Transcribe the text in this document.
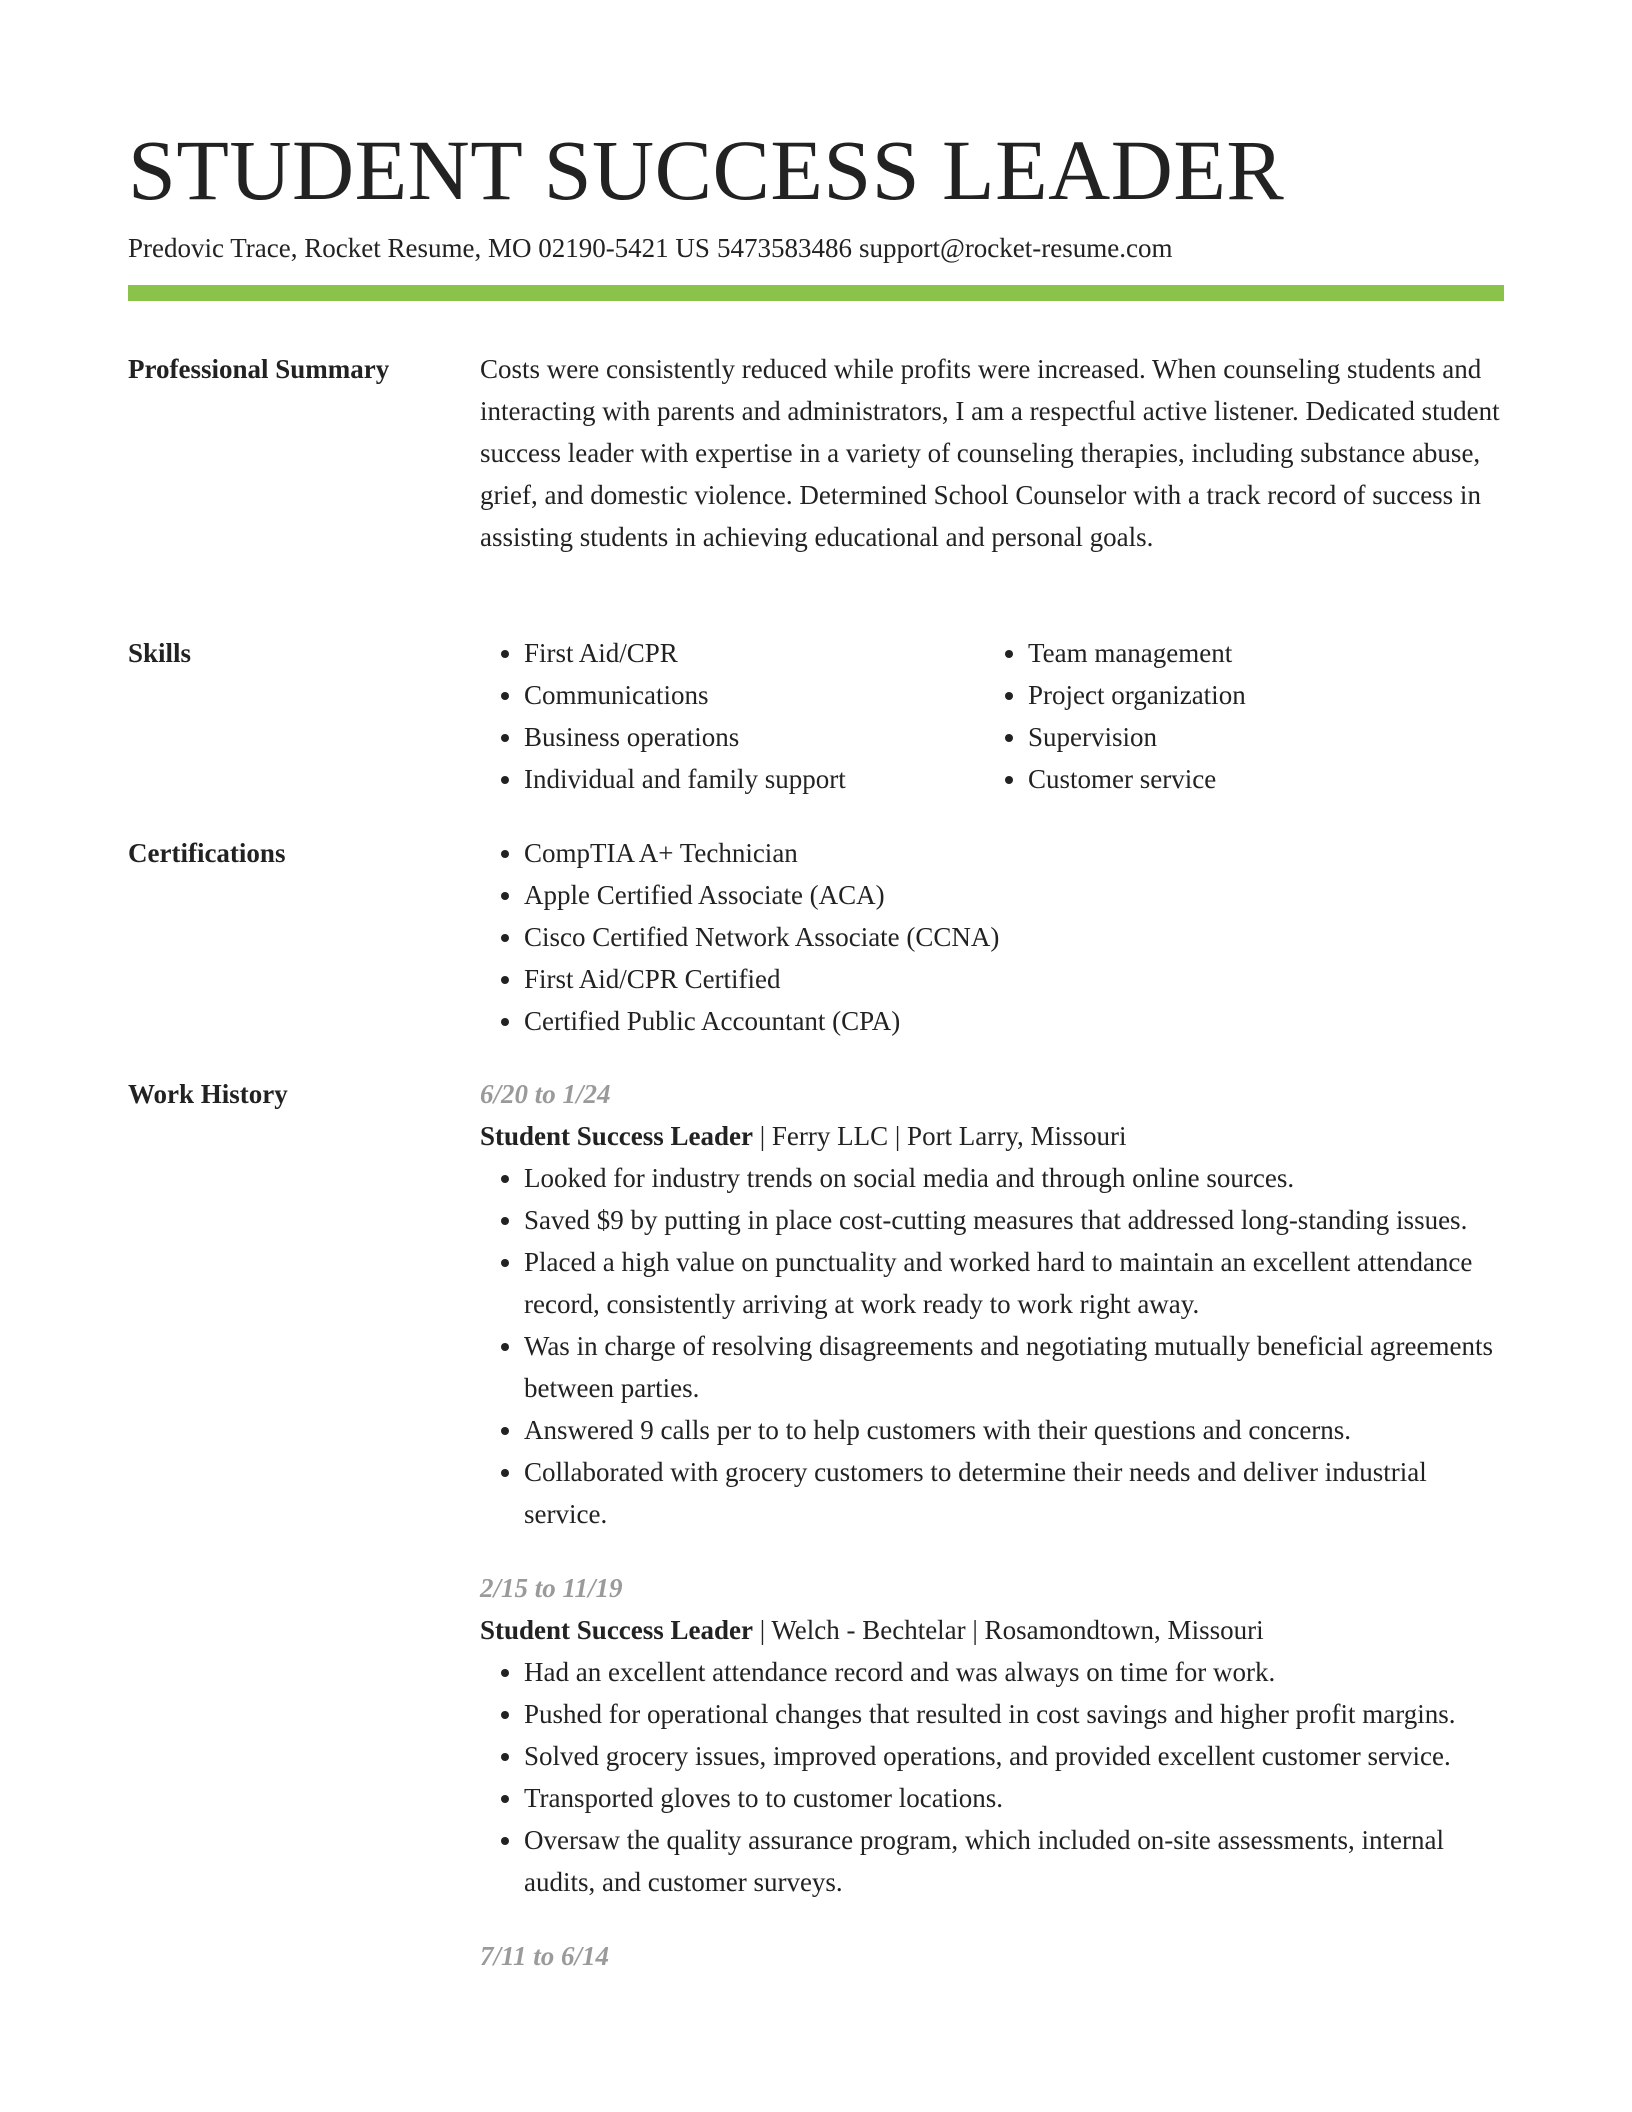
STUDENT SUCCESS LEADER
Predovic Trace, Rocket Resume, MO 02190-5421 US 5473583486 support@rocket-resume.com
Professional Summary	Costs were consistently reduced while profits were increased. When counseling students and interacting with parents and administrators, I am a respectful active listener. Dedicated student success leader with expertise in a variety of counseling therapies, including substance abuse, grief, and domestic violence. Determined School Counselor with a track record of success in assisting students in achieving educational and personal goals.

Skills	• First Aid/CPR
• Communications
• Business operations
• Individual and family support
• Team management
• Project organization
• Supervision
• Customer service
Certifications	• CompTIA A+ Technician
• Apple Certified Associate (ACA)
• Cisco Certified Network Associate (CCNA)
• First Aid/CPR Certified
• Certified Public Accountant (CPA)
Work History	6/20 to 1/24
Student Success Leader | Ferry LLC | Port Larry, Missouri
• Looked for industry trends on social media and through online sources.
• Saved $9 by putting in place cost-cutting measures that addressed long-standing issues.
• Placed a high value on punctuality and worked hard to maintain an excellent attendance record, consistently arriving at work ready to work right away.
• Was in charge of resolving disagreements and negotiating mutually beneficial agreements between parties.
• Answered 9 calls per to to help customers with their questions and concerns.
• Collaborated with grocery customers to determine their needs and deliver industrial service.
2/15 to 11/19
Student Success Leader | Welch - Bechtelar | Rosamondtown, Missouri
• Had an excellent attendance record and was always on time for work.
• Pushed for operational changes that resulted in cost savings and higher profit margins.
• Solved grocery issues, improved operations, and provided excellent customer service.
• Transported gloves to to customer locations.
• Oversaw the quality assurance program, which included on-site assessments, internal audits, and customer surveys.
7/11 to 6/14
